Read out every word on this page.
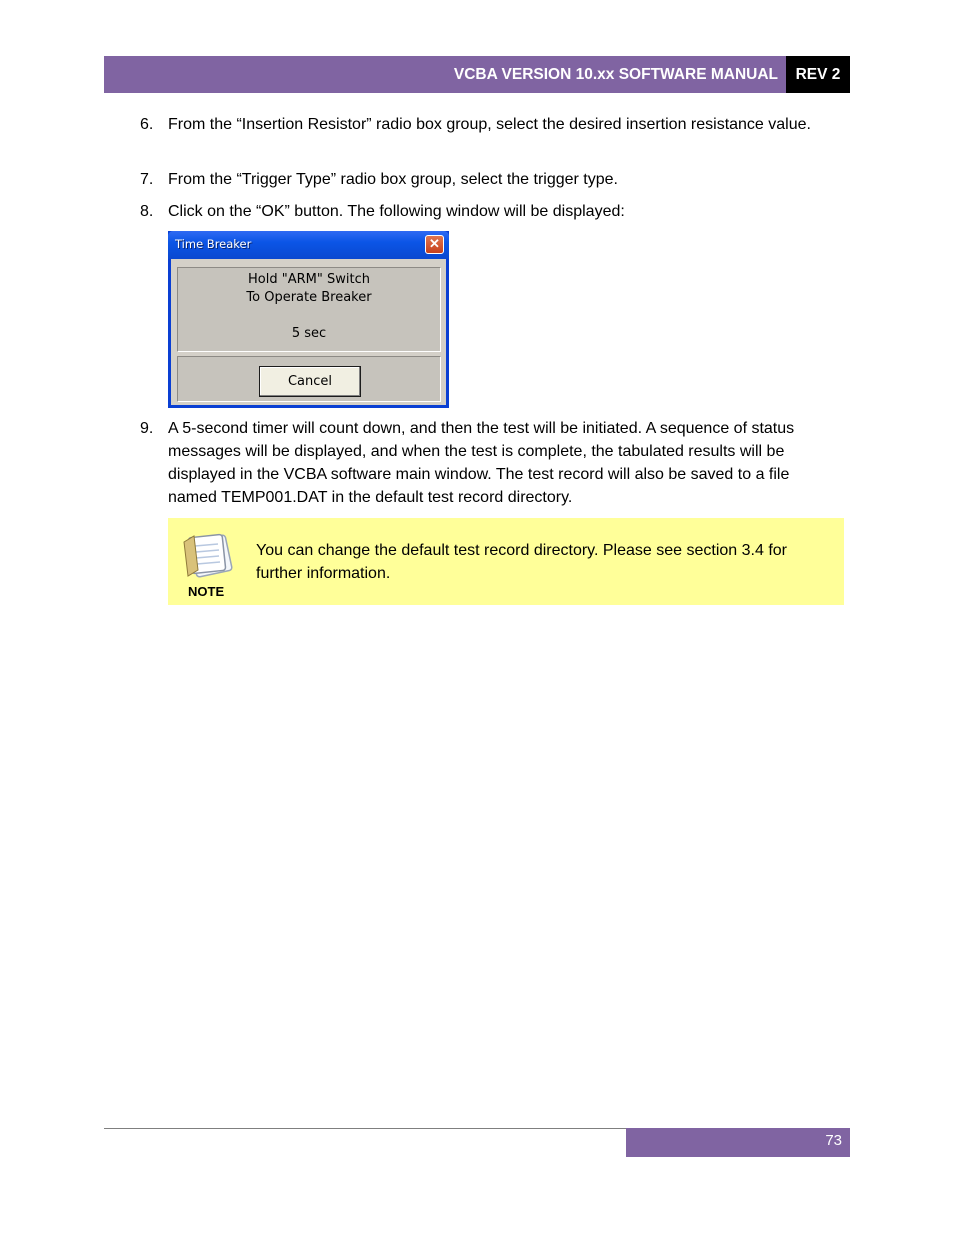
VCBA VERSION 10.xx SOFTWARE MANUAL	REV 2
6. From the “Insertion Resistor” radio box group, select the desired insertion resistance value.
7. From the “Trigger Type” radio box group, select the trigger type.
8. Click on the “OK” button. The following window will be displayed:
Time Breaker	✕
Hold "ARM" Switch
To Operate Breaker
5 sec
Cancel
9. A 5-second timer will count down, and then the test will be initiated. A sequence of status messages will be displayed, and when the test is complete, the tabulated results will be displayed in the VCBA software main window. The test record will also be saved to a file named TEMP001.DAT in the default test record directory.
NOTE
You can change the default test record directory. Please see section 3.4 for further information.
73
